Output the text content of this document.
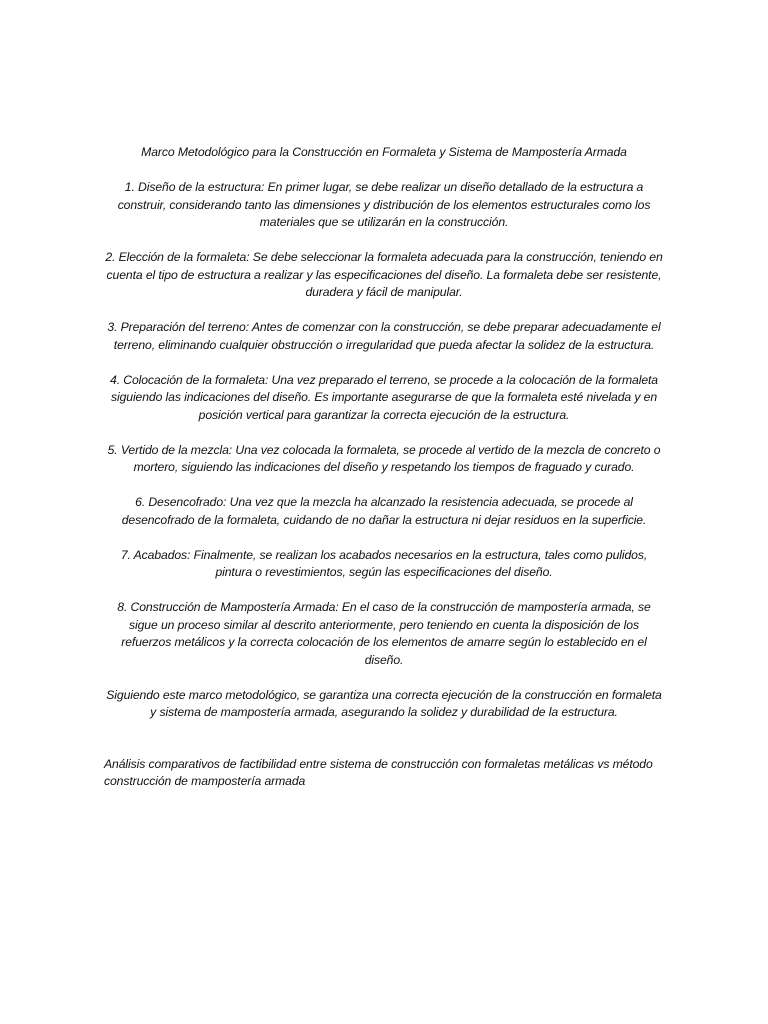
Marco Metodológico para la Construcción en Formaleta y Sistema de Mampostería Armada

1. Diseño de la estructura: En primer lugar, se debe realizar un diseño detallado de la estructura a construir, considerando tanto las dimensiones y distribución de los elementos estructurales como los materiales que se utilizarán en la construcción.

2. Elección de la formaleta: Se debe seleccionar la formaleta adecuada para la construcción, teniendo en cuenta el tipo de estructura a realizar y las especificaciones del diseño. La formaleta debe ser resistente, duradera y fácil de manipular.

3. Preparación del terreno: Antes de comenzar con la construcción, se debe preparar adecuadamente el terreno, eliminando cualquier obstrucción o irregularidad que pueda afectar la solidez de la estructura.

4. Colocación de la formaleta: Una vez preparado el terreno, se procede a la colocación de la formaleta siguiendo las indicaciones del diseño. Es importante asegurarse de que la formaleta esté nivelada y en posición vertical para garantizar la correcta ejecución de la estructura.

5. Vertido de la mezcla: Una vez colocada la formaleta, se procede al vertido de la mezcla de concreto o mortero, siguiendo las indicaciones del diseño y respetando los tiempos de fraguado y curado.

6. Desencofrado: Una vez que la mezcla ha alcanzado la resistencia adecuada, se procede al desencofrado de la formaleta, cuidando de no dañar la estructura ni dejar residuos en la superficie.

7. Acabados: Finalmente, se realizan los acabados necesarios en la estructura, tales como pulidos, pintura o revestimientos, según las especificaciones del diseño.

8. Construcción de Mampostería Armada: En el caso de la construcción de mampostería armada, se sigue un proceso similar al descrito anteriormente, pero teniendo en cuenta la disposición de los refuerzos metálicos y la correcta colocación de los elementos de amarre según lo establecido en el diseño.

Siguiendo este marco metodológico, se garantiza una correcta ejecución de la construcción en formaleta y sistema de mampostería armada, asegurando la solidez y durabilidad de la estructura.

Análisis comparativos de factibilidad entre sistema de construcción con formaletas metálicas vs método construcción de mampostería armada
